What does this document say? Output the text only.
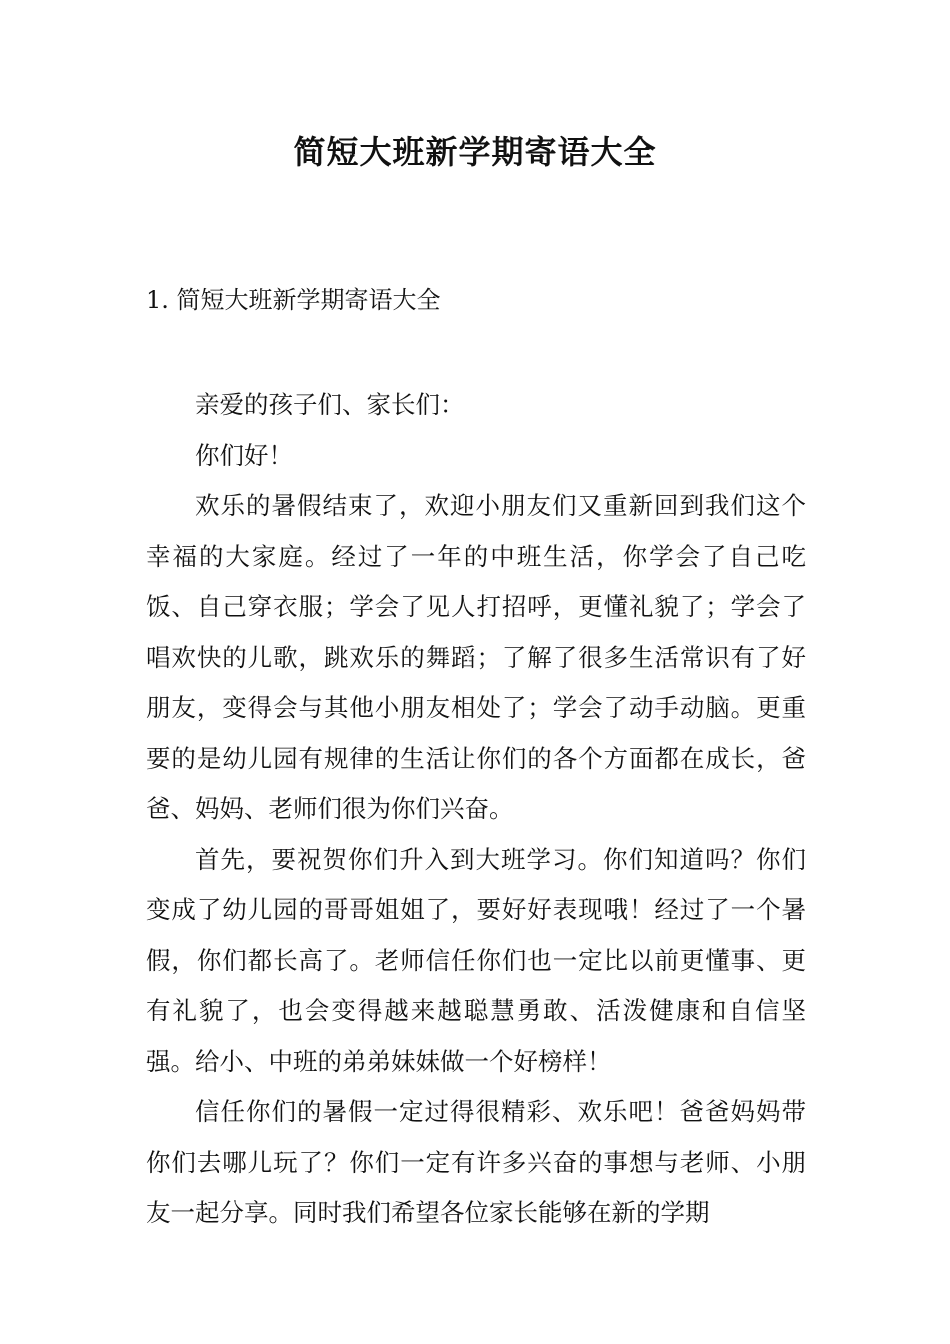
简短大班新学期寄语大全
1. 简短大班新学期寄语大全

亲爱的孩子们、家长们：

你们好！

欢乐的暑假结束了，欢迎小朋友们又重新回到我们这个幸福的大家庭。经过了一年的中班生活，你学会了自己吃饭、自己穿衣服；学会了见人打招呼，更懂礼貌了；学会了唱欢快的儿歌，跳欢乐的舞蹈；了解了很多生活常识有了好朋友，变得会与其他小朋友相处了；学会了动手动脑。更重要的是幼儿园有规律的生活让你们的各个方面都在成长，爸爸、妈妈、老师们很为你们兴奋。

首先，要祝贺你们升入到大班学习。你们知道吗？你们变成了幼儿园的哥哥姐姐了，要好好表现哦！经过了一个暑假，你们都长高了。老师信任你们也一定比以前更懂事、更有礼貌了，也会变得越来越聪慧勇敢、活泼健康和自信坚强。给小、中班的弟弟妹妹做一个好榜样！

信任你们的暑假一定过得很精彩、欢乐吧！爸爸妈妈带你们去哪儿玩了？你们一定有许多兴奋的事想与老师、小朋友一起分享。同时我们希望各位家长能够在新的学期
